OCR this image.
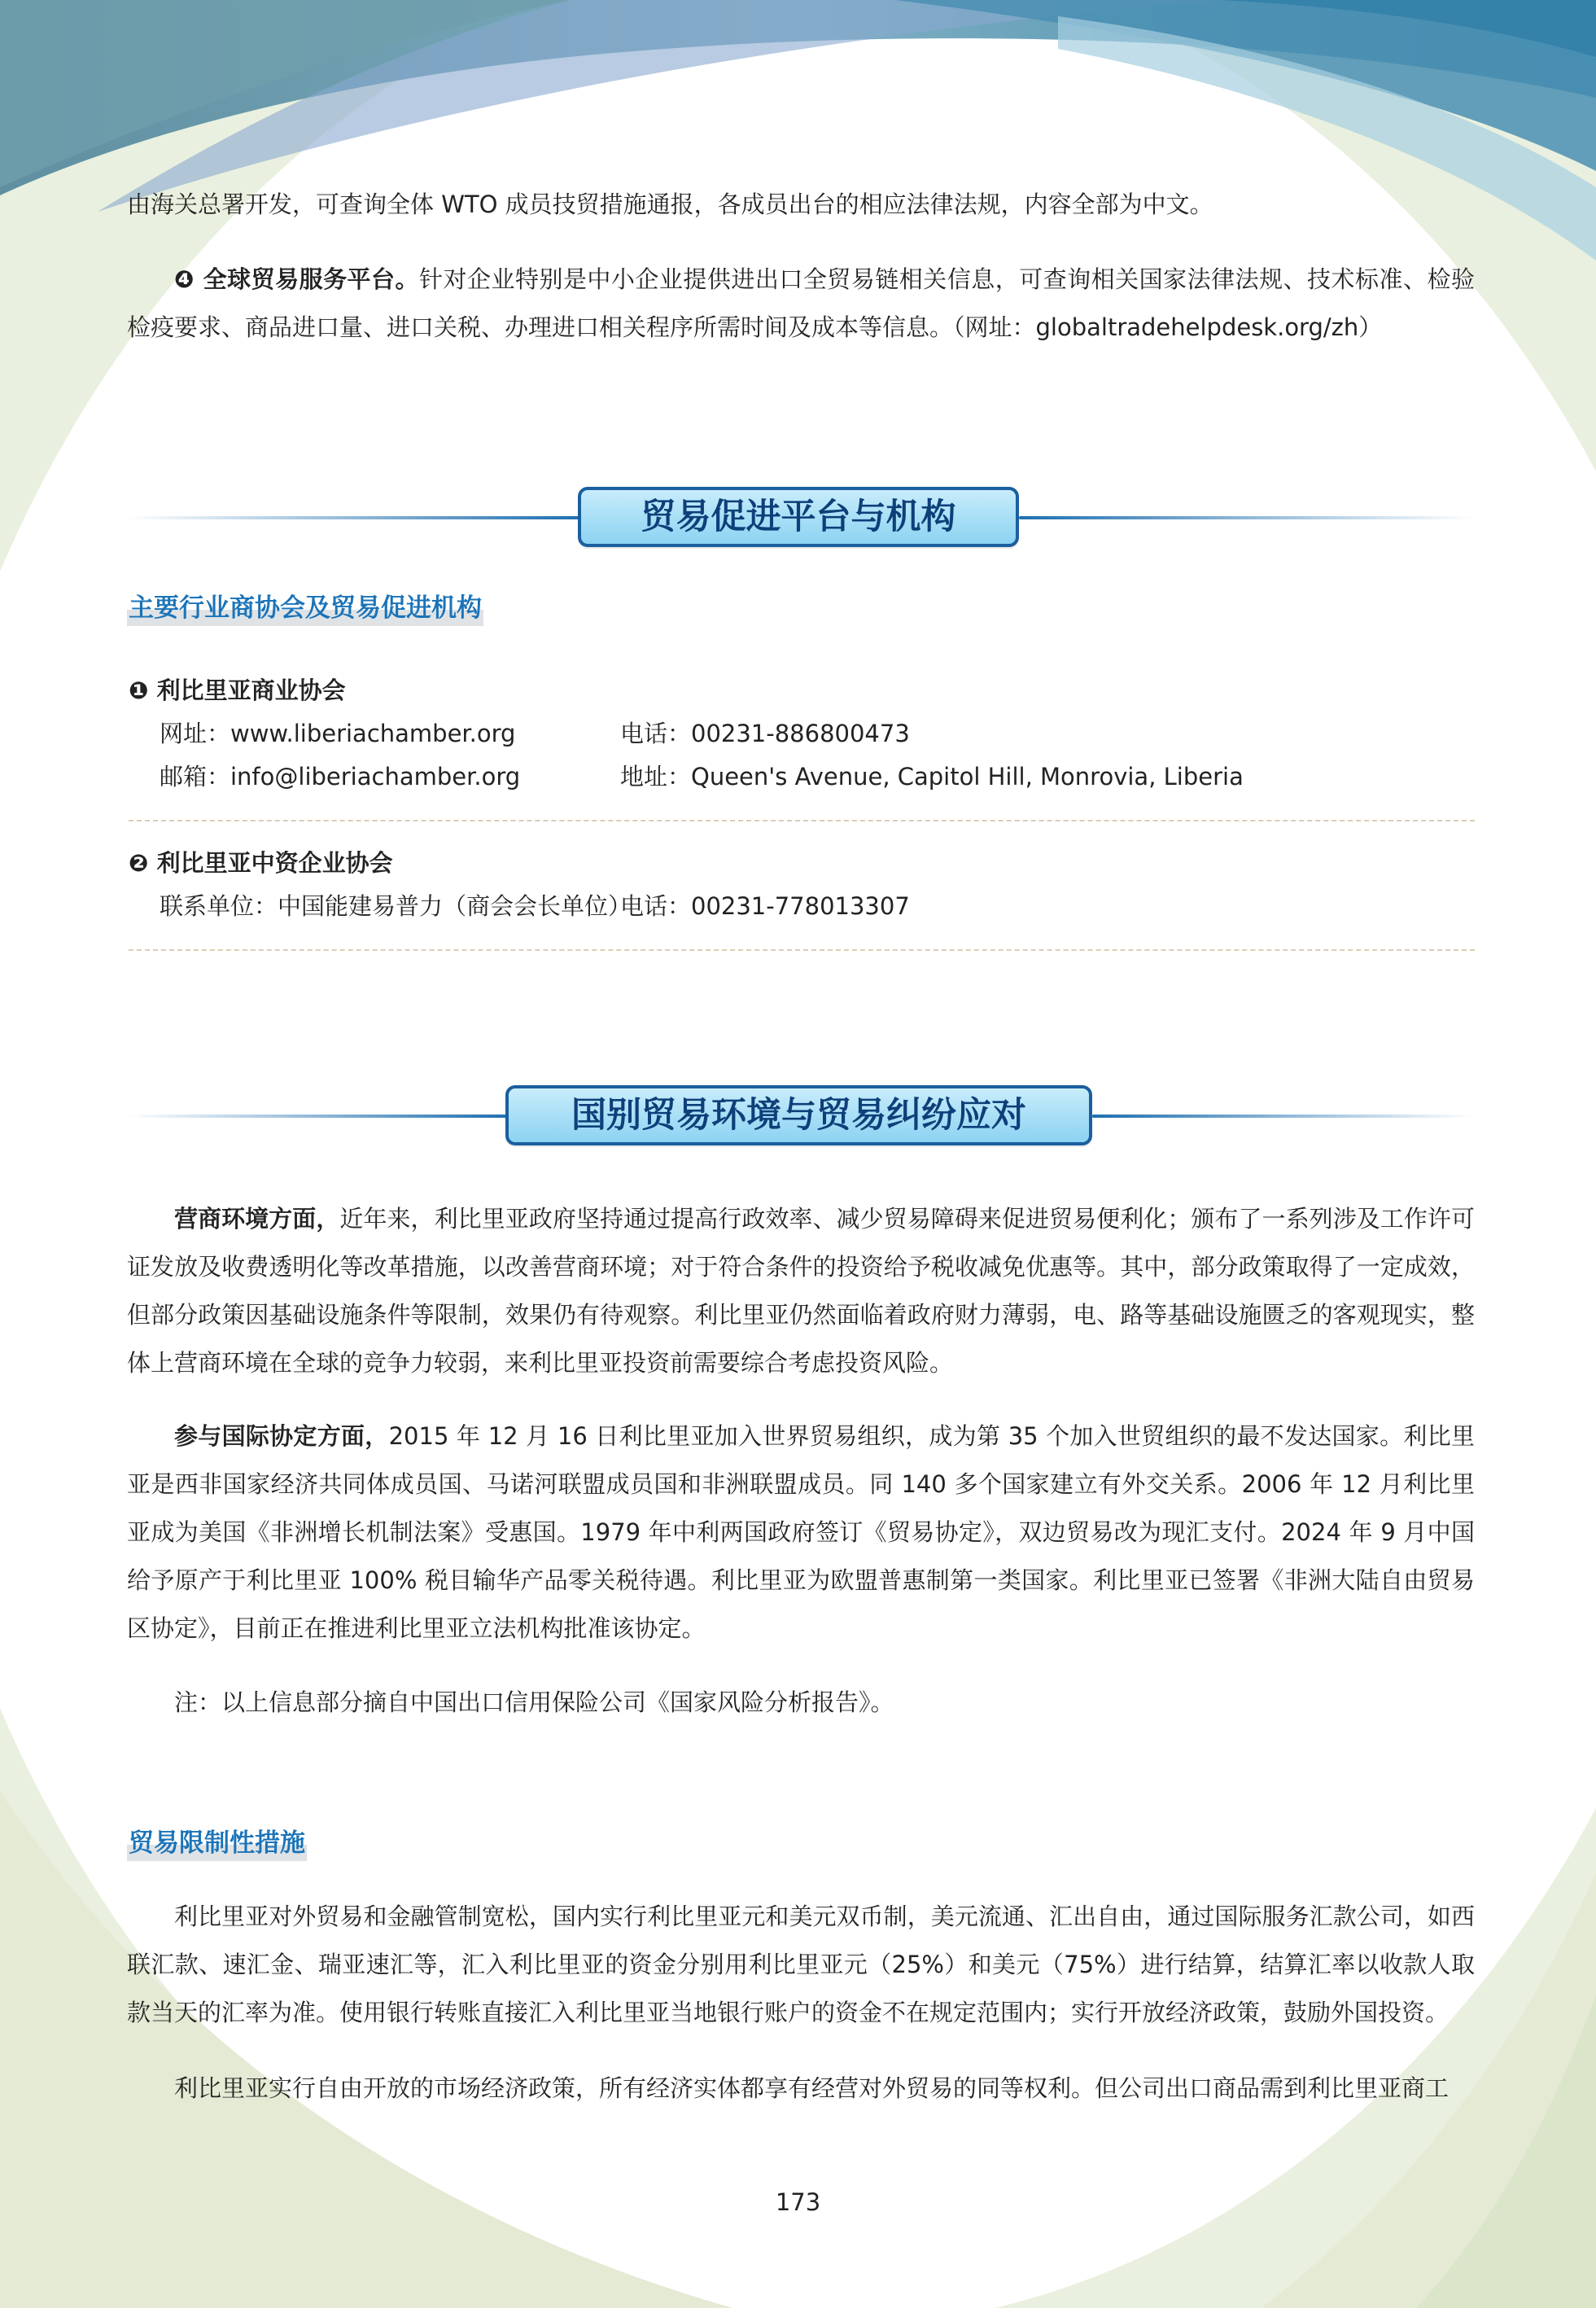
由海关总署开发，可查询全体 WTO 成员技贸措施通报，各成员出台的相应法律法规，内容全部为中文。

❹ 全球贸易服务平台。针对企业特别是中小企业提供进出口全贸易链相关信息，可查询相关国家法律法规、技术标准、检验检疫要求、商品进口量、进口关税、办理进口相关程序所需时间及成本等信息。（网址：globaltradehelpdesk.org/zh）

贸易促进平台与机构
主要行业商协会及贸易促进机构
❶ 利比里亚商业协会
网址：www.liberiachamber.org	电话：00231-886800473
邮箱：info@liberiachamber.org	地址：Queen's Avenue, Capitol Hill, Monrovia, Liberia
❷ 利比里亚中资企业协会
联系单位：中国能建易普力（商会会长单位）
电话：00231-778013307
国别贸易环境与贸易纠纷应对

营商环境方面，近年来，利比里亚政府坚持通过提高行政效率、减少贸易障碍来促进贸易便利化；颁布了一系列涉及工作许可证发放及收费透明化等改革措施，以改善营商环境；对于符合条件的投资给予税收减免优惠等。其中，部分政策取得了一定成效，但部分政策因基础设施条件等限制，效果仍有待观察。利比里亚仍然面临着政府财力薄弱，电、路等基础设施匮乏的客观现实，整体上营商环境在全球的竞争力较弱，来利比里亚投资前需要综合考虑投资风险。

参与国际协定方面，2015 年 12 月 16 日利比里亚加入世界贸易组织，成为第 35 个加入世贸组织的最不发达国家。利比里亚是西非国家经济共同体成员国、马诺河联盟成员国和非洲联盟成员。同 140 多个国家建立有外交关系。2006 年 12 月利比里亚成为美国《非洲增长机制法案》受惠国。1979 年中利两国政府签订《贸易协定》，双边贸易改为现汇支付。2024 年 9 月中国给予原产于利比里亚 100% 税目输华产品零关税待遇。利比里亚为欧盟普惠制第一类国家。利比里亚已签署《非洲大陆自由贸易区协定》，目前正在推进利比里亚立法机构批准该协定。

注：以上信息部分摘自中国出口信用保险公司《国家风险分析报告》。

贸易限制性措施

利比里亚对外贸易和金融管制宽松，国内实行利比里亚元和美元双币制，美元流通、汇出自由，通过国际服务汇款公司，如西联汇款、速汇金、瑞亚速汇等，汇入利比里亚的资金分别用利比里亚元（25%）和美元（75%）进行结算，结算汇率以收款人取款当天的汇率为准。使用银行转账直接汇入利比里亚当地银行账户的资金不在规定范围内；实行开放经济政策，鼓励外国投资。

利比里亚实行自由开放的市场经济政策，所有经济实体都享有经营对外贸易的同等权利。但公司出口商品需到利比里亚商工

173
